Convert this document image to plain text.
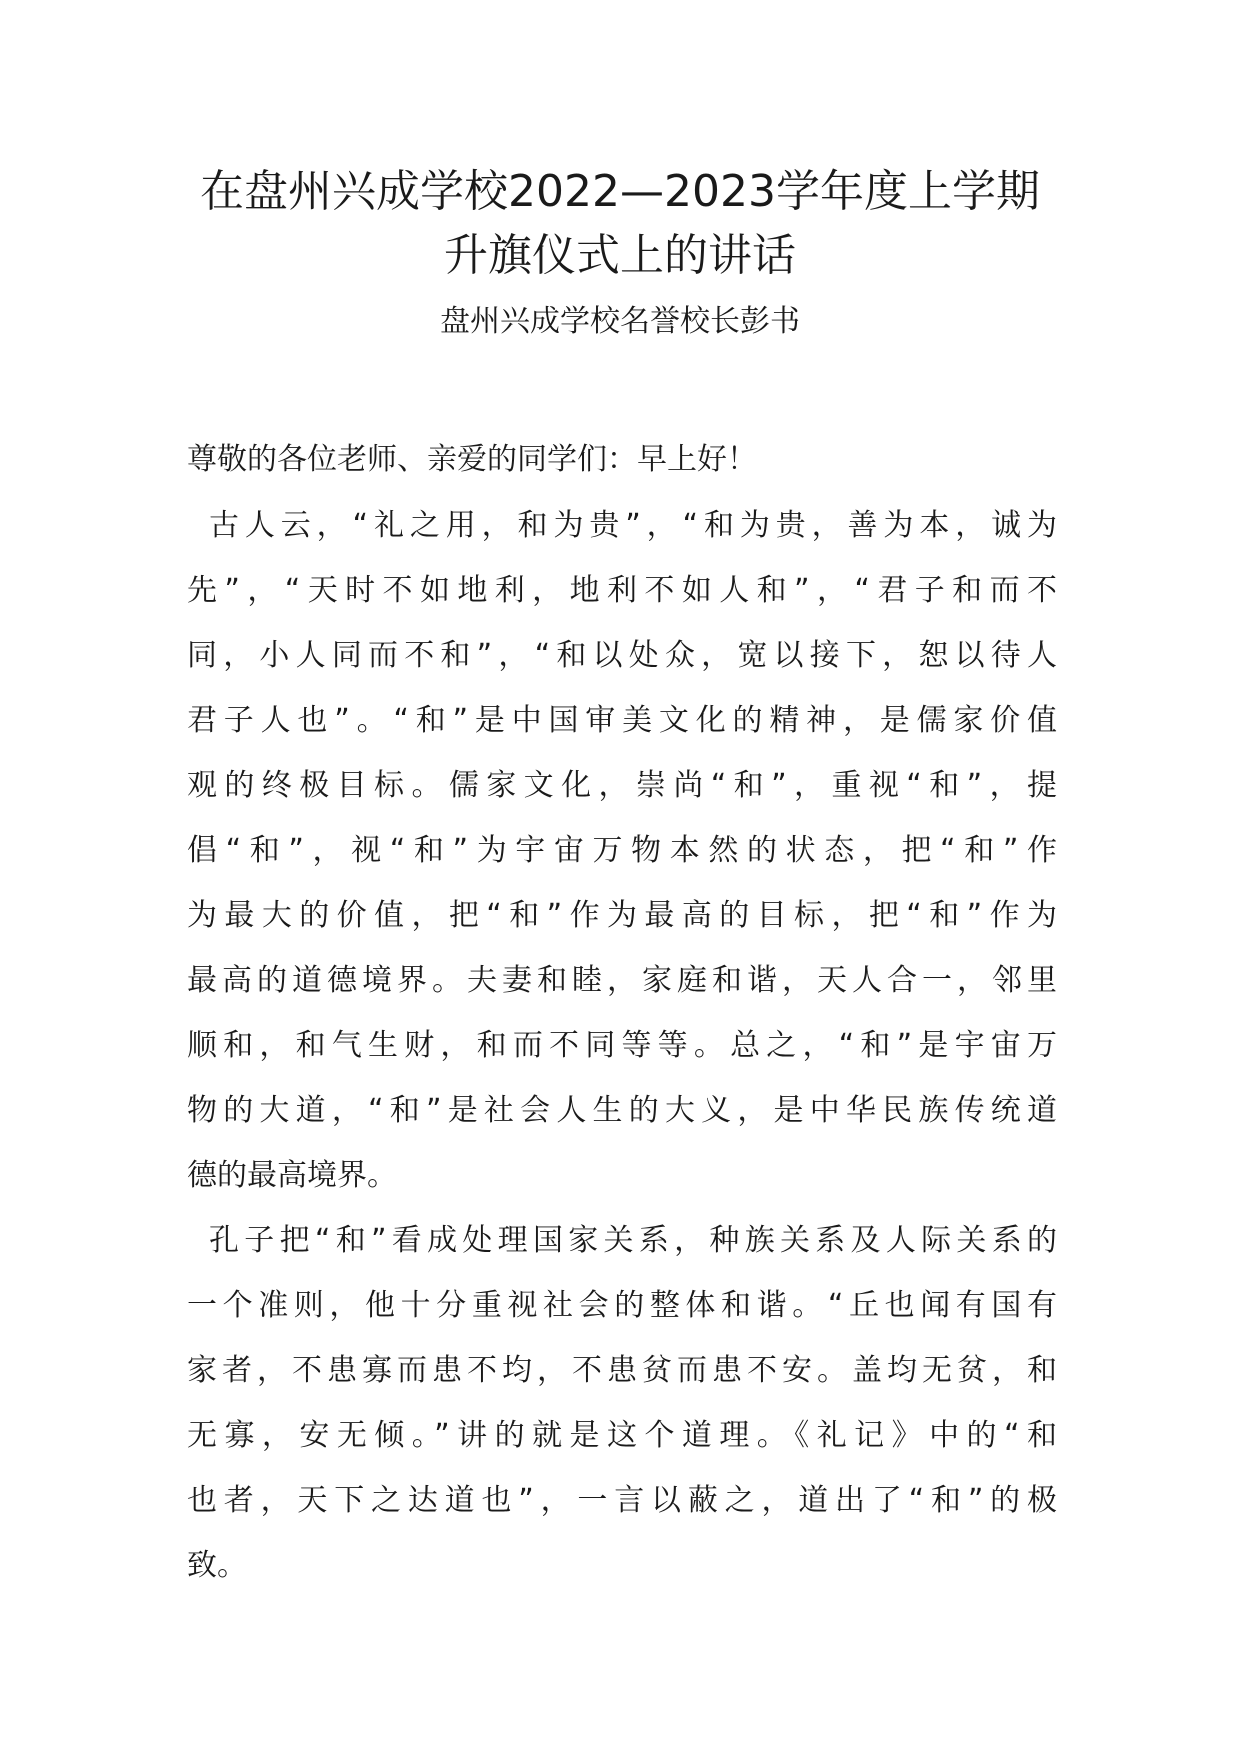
在盘州兴成学校2022—2023学年度上学期
升旗仪式上的讲话
盘州兴成学校名誉校长彭书
尊敬的各位老师、亲爱的同学们：早上好！
古人云，“礼之用，和为贵”，“和为贵，善为本，诚为
先”，“天时不如地利，地利不如人和”，“君子和而不
同，小人同而不和”，“和以处众，宽以接下，恕以待人
君子人也”。“和”是中国审美文化的精神，是儒家价值
观的终极目标。儒家文化，崇尚“和”，重视“和”，提
倡“和”，视“和”为宇宙万物本然的状态，把“和”作
为最大的价值，把“和”作为最高的目标，把“和”作为
最高的道德境界。夫妻和睦，家庭和谐，天人合一，邻里
顺和，和气生财，和而不同等等。总之，“和”是宇宙万
物的大道，“和”是社会人生的大义，是中华民族传统道
德的最高境界。
孔子把“和”看成处理国家关系，种族关系及人际关系的
一个准则，他十分重视社会的整体和谐。“丘也闻有国有
家者，不患寡而患不均，不患贫而患不安。盖均无贫，和
无寡，安无倾。”讲的就是这个道理。《礼记》中的“和
也者，天下之达道也”，一言以蔽之，道出了“和”的极
致。
